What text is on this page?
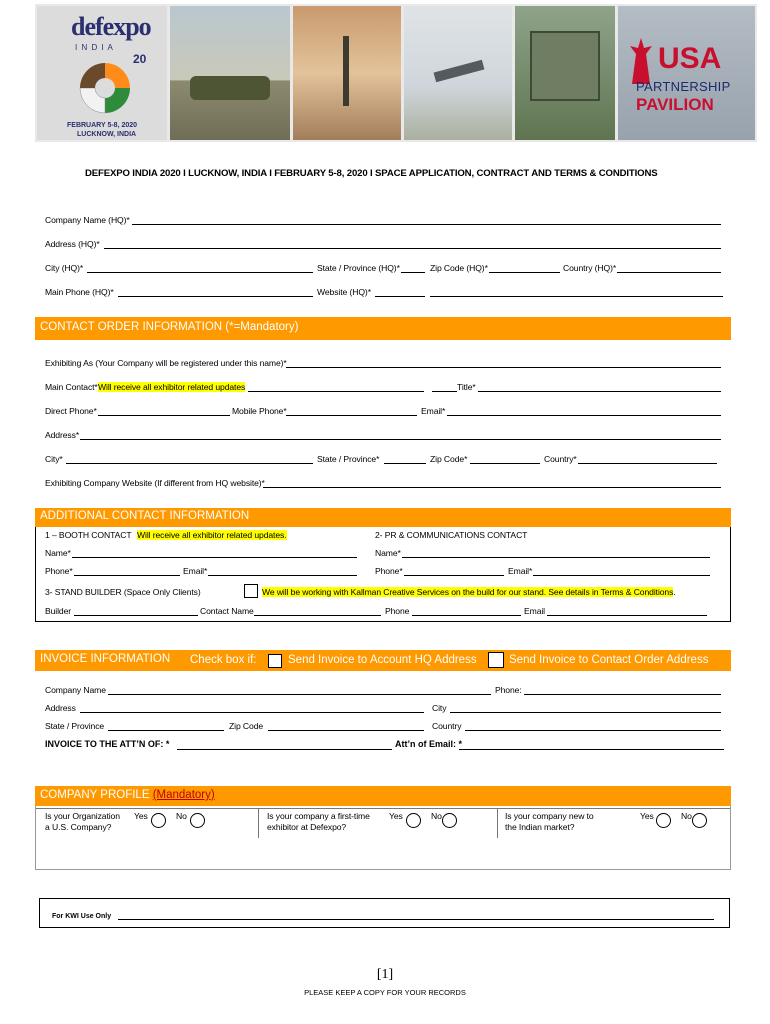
defexpo
I N D I A
20
FEBRUARY 5-8, 2020
LUCKNOW, INDIA
USA
PARTNERSHIP
PAVILION
DEFEXPO INDIA 2020 I LUCKNOW, INDIA I FEBRUARY 5-8, 2020 I SPACE APPLICATION, CONTRACT AND TERMS & CONDITIONS
Company Name (HQ)*
Address (HQ)*
City (HQ)*	State / Province (HQ)*	Zip Code (HQ)*	Country (HQ)*
Main Phone (HQ)*	Website (HQ)*
CONTACT ORDER INFORMATION (*=Mandatory)
Exhibiting As (Your Company will be registered under this name)*
Main Contact* Will receive all exhibitor related updates	Title*
Direct Phone*	Mobile Phone*	Email*
Address*
City*	State / Province*	Zip Code*	Country*
Exhibiting Company Website (If different from HQ website)*
ADDITIONAL CONTACT INFORMATION
1 – BOOTH CONTACT Will receive all exhibitor related updates.	2- PR & COMMUNICATIONS CONTACT
Name*	Name*
Phone*	Email*	Phone*	Email*
3- STAND BUILDER (Space Only Clients)	We will be working with Kallman Creative Services on the build for our stand. See details in Terms & Conditions.
Builder	Contact Name	Phone	Email
INVOICE INFORMATION	Check box if:	Send Invoice to Account HQ Address	Send Invoice to Contact Order Address
Company Name	Phone:
Address	City
State / Province	Zip Code	Country
INVOICE TO THE ATT’N OF: *	Att’n of Email: *
COMPANY PROFILE (Mandatory)
Is your Organization
a U.S. Company?
Yes	No	Is your company a first-time
exhibitor at Defexpo?
Yes	No	Is your company new to
the Indian market?
Yes	No
For KWI Use Only
[1]
PLEASE KEEP A COPY FOR YOUR RECORDS
